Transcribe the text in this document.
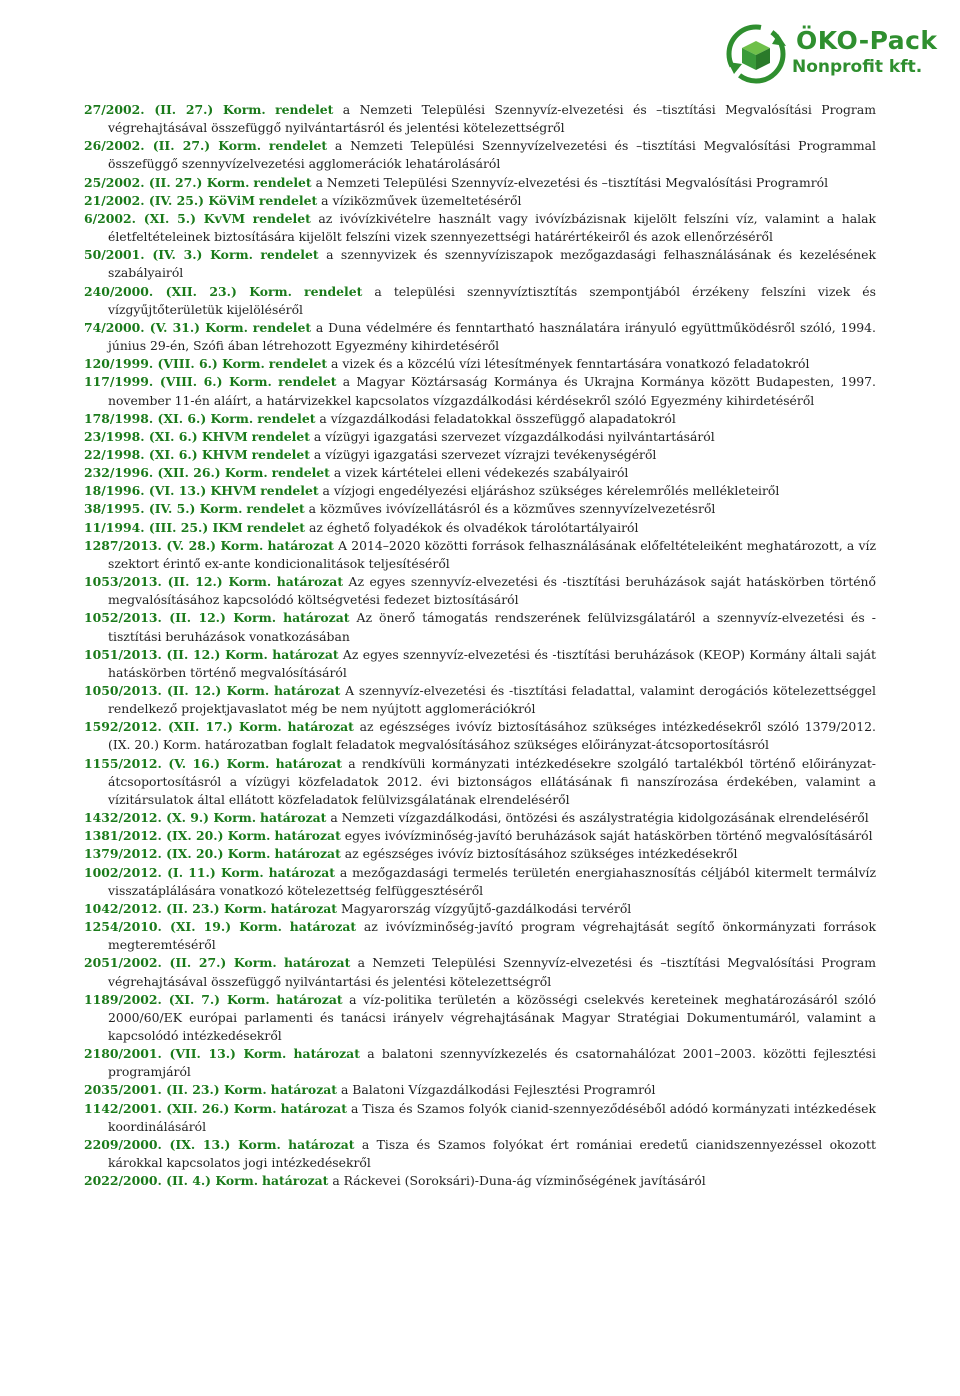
ÖKO-Pack
Nonprofit kft.
27/2002. (II. 27.) Korm. rendelet a Nemzeti Települési Szennyvíz-elvezetési és –tisztítási Megvalósítási Program végrehajtásával összefüggő nyilvántartásról és jelentési kötelezettségről
26/2002. (II. 27.) Korm. rendelet a Nemzeti Települési Szennyvízelvezetési és –tisztítási Megvalósítási Programmal összefüggő szennyvízelvezetési agglomerációk lehatárolásáról
25/2002. (II. 27.) Korm. rendelet a Nemzeti Települési Szennyvíz-elvezetési és –tisztítási Megvalósítási Programról
21/2002. (IV. 25.) KöViM rendelet a víziközművek üzemeltetéséről
6/2002. (XI. 5.) KvVM rendelet az ivóvízkivételre használt vagy ivóvízbázisnak kijelölt felszíni víz, valamint a halak életfeltételeinek biztosítására kijelölt felszíni vizek szennyezettségi határértékeiről és azok ellenőrzéséről
50/2001. (IV. 3.) Korm. rendelet a szennyvizek és szennyvíziszapok mezőgazdasági felhasználásának és kezelésének szabályairól
240/2000. (XII. 23.) Korm. rendelet a települési szennyvíztisztítás szempontjából érzékeny felszíni vizek és vízgyűjtőterületük kijelöléséről
74/2000. (V. 31.) Korm. rendelet a Duna védelmére és fenntartható használatára irányuló együttműködésről szóló, 1994. június 29-én, Szófi ában létrehozott Egyezmény kihirdetéséről
120/1999. (VIII. 6.) Korm. rendelet a vizek és a közcélú vízi létesítmények fenntartására vonatkozó feladatokról
117/1999. (VIII. 6.) Korm. rendelet a Magyar Köztársaság Kormánya és Ukrajna Kormánya között Budapesten, 1997. november 11-én aláírt, a határvizekkel kapcsolatos vízgazdálkodási kérdésekről szóló Egyezmény kihirdetéséről
178/1998. (XI. 6.) Korm. rendelet a vízgazdálkodási feladatokkal összefüggő alapadatokról
23/1998. (XI. 6.) KHVM rendelet a vízügyi igazgatási szervezet vízgazdálkodási nyilvántartásáról
22/1998. (XI. 6.) KHVM rendelet a vízügyi igazgatási szervezet vízrajzi tevékenységéről
232/1996. (XII. 26.) Korm. rendelet a vizek kártételei elleni védekezés szabályairól
18/1996. (VI. 13.) KHVM rendelet a vízjogi engedélyezési eljáráshoz szükséges kérelemrőlés mellékleteiről
38/1995. (IV. 5.) Korm. rendelet a közműves ivóvízellátásról és a közműves szennyvízelvezetésről
11/1994. (III. 25.) IKM rendelet az éghető folyadékok és olvadékok tárolótartályairól
1287/2013. (V. 28.) Korm. határozat A 2014–2020 közötti források felhasználásának előfeltételeiként meghatározott, a víz szektort érintő ex-ante kondicionalitások teljesítéséről
1053/2013. (II. 12.) Korm. határozat Az egyes szennyvíz-elvezetési és -tisztítási beruházások saját hatáskörben történő megvalósításához kapcsolódó költségvetési fedezet biztosításáról
1052/2013. (II. 12.) Korm. határozat Az önerő támogatás rendszerének felülvizsgálatáról a szennyvíz-elvezetési és -tisztítási beruházások vonatkozásában
1051/2013. (II. 12.) Korm. határozat Az egyes szennyvíz-elvezetési és -tisztítási beruházások (KEOP) Kormány általi saját hatáskörben történő megvalósításáról
1050/2013. (II. 12.) Korm. határozat A szennyvíz-elvezetési és -tisztítási feladattal, valamint derogációs kötelezettséggel rendelkező projektjavaslatot még be nem nyújtott agglomerációkról
1592/2012. (XII. 17.) Korm. határozat az egészséges ivóvíz biztosításához szükséges intézkedésekről szóló 1379/2012. (IX. 20.) Korm. határozatban foglalt feladatok megvalósításához szükséges előirányzat-átcsoportosításról
1155/2012. (V. 16.) Korm. határozat a rendkívüli kormányzati intézkedésekre szolgáló tartalékból történő előirányzat-átcsoportosításról a vízügyi közfeladatok 2012. évi biztonságos ellátásának fi nanszírozása érdekében, valamint a vízitársulatok által ellátott közfeladatok felülvizsgálatának elrendeléséről
1432/2012. (X. 9.) Korm. határozat a Nemzeti vízgazdálkodási, öntözési és aszálystratégia kidolgozásának elrendeléséről
1381/2012. (IX. 20.) Korm. határozat egyes ivóvízminőség-javító beruházások saját hatáskörben történő megvalósításáról
1379/2012. (IX. 20.) Korm. határozat az egészséges ivóvíz biztosításához szükséges intézkedésekről
1002/2012. (I. 11.) Korm. határozat a mezőgazdasági termelés területén energiahasznosítás céljából kitermelt termálvíz visszatáplálására vonatkozó kötelezettség felfüggesztéséről
1042/2012. (II. 23.) Korm. határozat Magyarország vízgyűjtő-gazdálkodási tervéről
1254/2010. (XI. 19.) Korm. határozat az ivóvízminőség-javító program végrehajtását segítő önkormányzati források megteremtéséről
2051/2002. (II. 27.) Korm. határozat a Nemzeti Települési Szennyvíz-elvezetési és –tisztítási Megvalósítási Program végrehajtásával összefüggő nyilvántartási és jelentési kötelezettségről
1189/2002. (XI. 7.) Korm. határozat a víz-politika területén a közösségi cselekvés kereteinek meghatározásáról szóló 2000/60/EK európai parlamenti és tanácsi irányelv végrehajtásának Magyar Stratégiai Dokumentumáról, valamint a kapcsolódó intézkedésekről
2180/2001. (VII. 13.) Korm. határozat a balatoni szennyvízkezelés és csatornahálózat 2001–2003. közötti fejlesztési programjáról
2035/2001. (II. 23.) Korm. határozat a Balatoni Vízgazdálkodási Fejlesztési Programról
1142/2001. (XII. 26.) Korm. határozat a Tisza és Szamos folyók cianid-szennyeződéséből adódó kormányzati intézkedések koordinálásáról
2209/2000. (IX. 13.) Korm. határozat a Tisza és Szamos folyókat ért romániai eredetű cianidszennyezéssel okozott károkkal kapcsolatos jogi intézkedésekről
2022/2000. (II. 4.) Korm. határozat a Ráckevei (Soroksári)-Duna-ág vízminőségének javításáról
